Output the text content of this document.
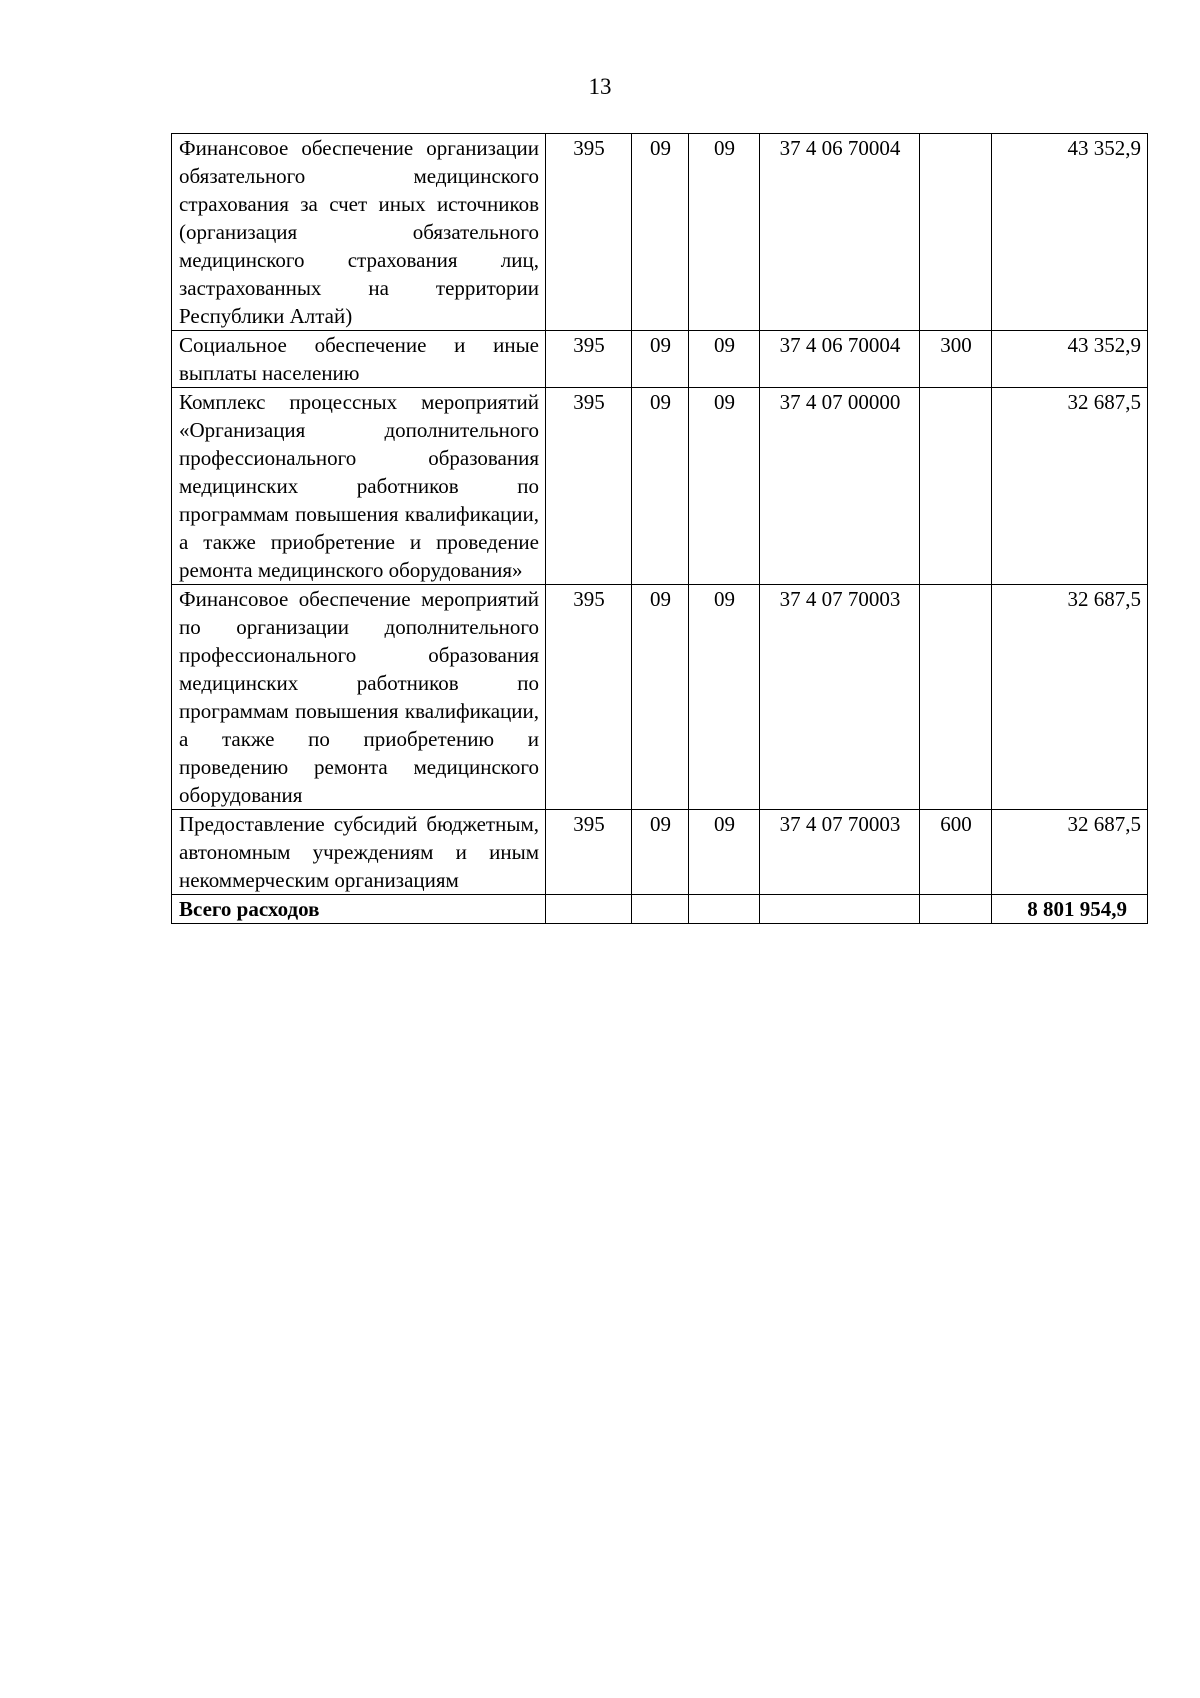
13
Финансовое обеспечение организации обязательного медицинского страхования за счет иных источников (организация обязательного медицинского страхования лиц, застрахованных на территории Республики Алтай)	395	09	09	37 4 06 70004		43 352,9
Социальное обеспечение и иные выплаты населению	395	09	09	37 4 06 70004	300	43 352,9
Комплекс процессных мероприятий «Организация дополнительного профессионального образования медицинских работников по программам повышения квалификации, а также приобретение и проведение ремонта медицинского оборудования»	395	09	09	37 4 07 00000		32 687,5
Финансовое обеспечение мероприятий по организации дополнительного профессионального образования медицинских работников по программам повышения квалификации, а также по приобретению и проведению ремонта медицинского оборудования	395	09	09	37 4 07 70003		32 687,5
Предоставление субсидий бюджетным, автономным учреждениям и иным некоммерческим организациям	395	09	09	37 4 07 70003	600	32 687,5
Всего расходов						8 801 954,9
